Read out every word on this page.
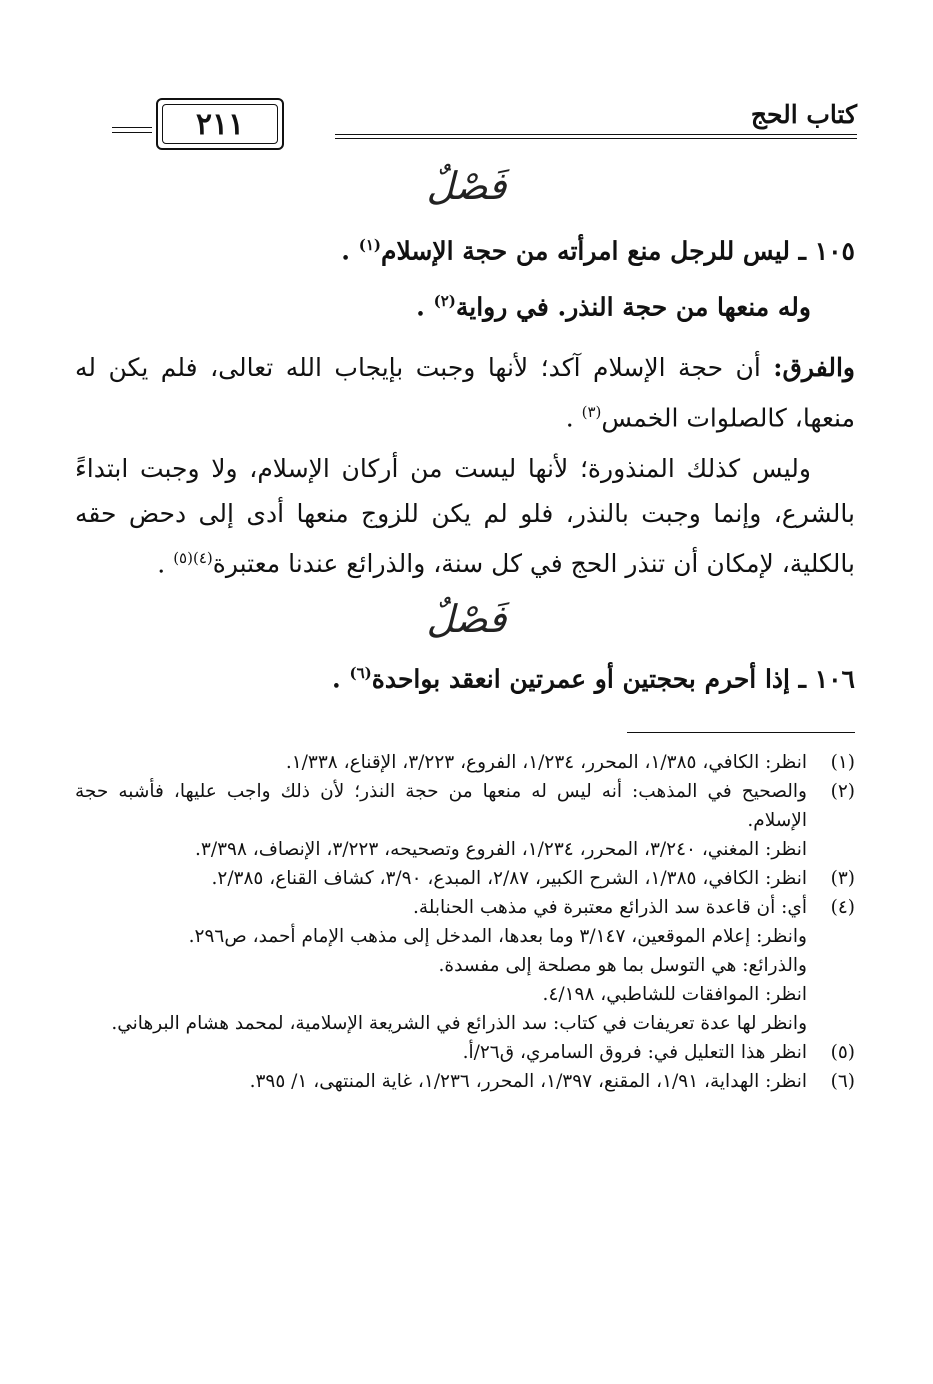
كتاب الحج
٢١١
فَصْلٌ
١٠٥ ـ ليس للرجل منع امرأته من حجة الإسلام$^{(١)}$ .
وله منعها من حجة النذر. في رواية$^{(٢)}$ .
والفرق: أن حجة الإسلام آكد؛ لأنها وجبت بإيجاب الله تعالى، فلم يكن له منعها، كالصلوات الخمس$^{(٣)}$ .
وليس كذلك المنذورة؛ لأنها ليست من أركان الإسلام، ولا وجبت ابتداءً بالشرع، وإنما وجبت بالنذر، فلو لم يكن للزوج منعها أدى إلى دحض حقه بالكلية، لإمكان أن تنذر الحج في كل سنة، والذرائع عندنا معتبرة$^{(٤)(٥)}$ .
فَصْلٌ
١٠٦ ـ إذا أحرم بحجتين أو عمرتين انعقد بواحدة$^{(٦)}$ .
(١)
انظر: الكافي، ١/٣٨٥، المحرر، ١/٢٣٤، الفروع، ٣/٢٢٣، الإقناع، ١/٣٣٨.
(٢)
والصحيح في المذهب: أنه ليس له منعها من حجة النذر؛ لأن ذلك واجب عليها، فأشبه حجة الإسلام.
انظر: المغني، ٣/٢٤٠، المحرر، ١/٢٣٤، الفروع وتصحيحه، ٣/٢٢٣، الإنصاف، ٣/٣٩٨.
(٣)
انظر: الكافي، ١/٣٨٥، الشرح الكبير، ٢/٨٧، المبدع، ٣/٩٠، كشاف القناع، ٢/٣٨٥.
(٤)
أي: أن قاعدة سد الذرائع معتبرة في مذهب الحنابلة.
وانظر: إعلام الموقعين، ٣/١٤٧ وما بعدها، المدخل إلى مذهب الإمام أحمد، ص٢٩٦.
والذرائع: هي التوسل بما هو مصلحة إلى مفسدة.
انظر: الموافقات للشاطبي، ٤/١٩٨.
وانظر لها عدة تعريفات في كتاب: سد الذرائع في الشريعة الإسلامية، لمحمد هشام البرهاني.
(٥)
انظر هذا التعليل في: فروق السامري، ق٢٦/أ.
(٦)
انظر: الهداية، ١/٩١، المقنع، ١/٣٩٧، المحرر، ١/٢٣٦، غاية المنتهى، ١/ ٣٩٥.
